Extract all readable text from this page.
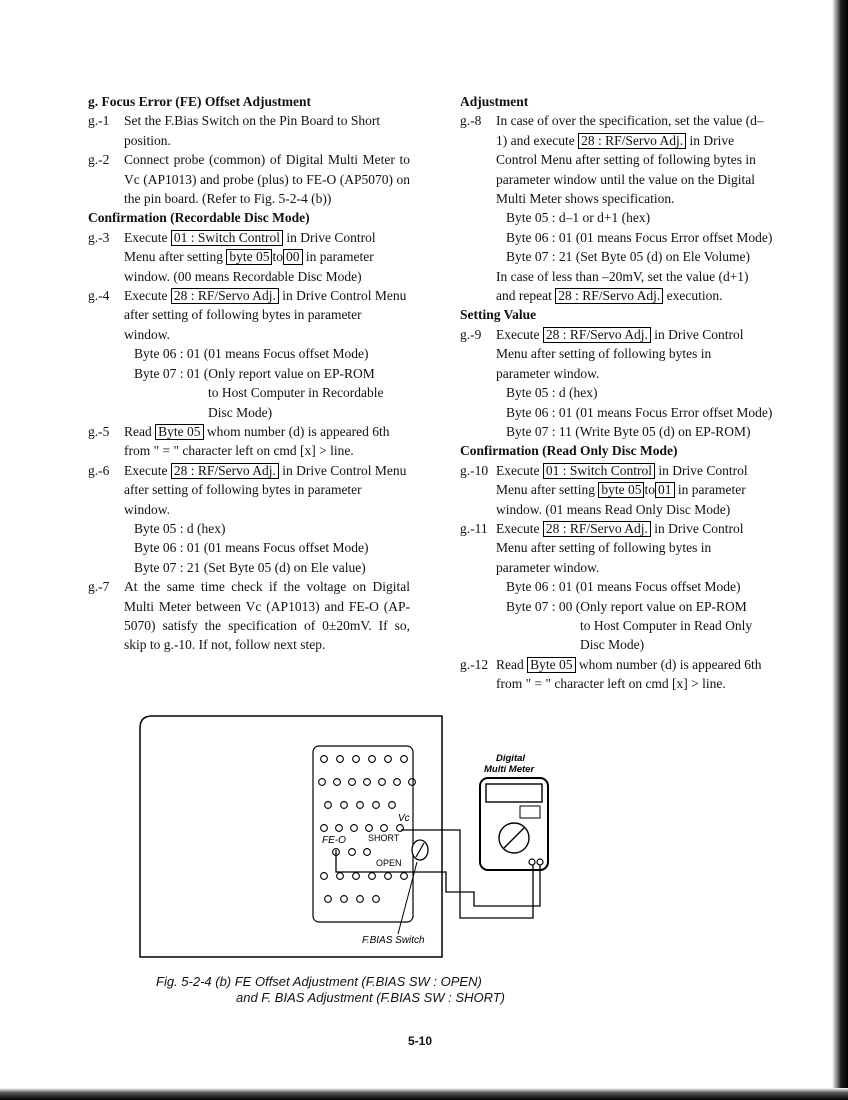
g. Focus Error (FE) Offset Adjustment
g.-1	Set the F.Bias Switch on the Pin Board to Short position.
g.-2	Connect probe (common) of Digital Multi Meter to Vc (AP1013) and probe (plus) to FE-O (AP5070) on the pin board. (Refer to Fig. 5-2-4 (b))
Confirmation (Recordable Disc Mode)
g.-3	Execute 01 : Switch Control in Drive Control Menu after setting byte 05 to 00 in parameter window. (00 means Recordable Disc Mode)
g.-4	Execute 28 : RF/Servo Adj. in Drive Control Menu after setting of following bytes in parameter window.
Byte 06 : 01 (01 means Focus offset Mode)
Byte 07 : 01 (Only report value on EP-ROM
to Host Computer in Recordable
Disc Mode)
g.-5	Read Byte 05 whom number (d) is appeared 6th from " = " character left on cmd [x] > line.
g.-6	Execute 28 : RF/Servo Adj. in Drive Control Menu after setting of following bytes in parameter window.
Byte 05 : d (hex)
Byte 06 : 01 (01 means Focus offset Mode)
Byte 07 : 21 (Set Byte 05 (d) on Ele value)
g.-7	At the same time check if the voltage on Digital Multi Meter between Vc (AP1013) and FE-O (AP-5070) satisfy the specification of 0±20mV. If so, skip to g.-10. If not, follow next step.
Adjustment
g.-8	In case of over the specification, set the value (d–1) and execute 28 : RF/Servo Adj. in Drive Control Menu after setting of following bytes in parameter window until the value on the Digital Multi Meter shows specification.
Byte 05 : d–1 or d+1 (hex)
Byte 06 : 01 (01 means Focus Error offset Mode)
Byte 07 : 21 (Set Byte 05 (d) on Ele Volume)
In case of less than –20mV, set the value (d+1) and repeat 28 : RF/Servo Adj. execution.
Setting Value
g.-9	Execute 28 : RF/Servo Adj. in Drive Control Menu after setting of following bytes in parameter window.
Byte 05 : d (hex)
Byte 06 : 01 (01 means Focus Error offset Mode)
Byte 07 : 11 (Write Byte 05 (d) on EP-ROM)
Confirmation (Read Only Disc Mode)
g.-10 Execute 01 : Switch Control in Drive Control Menu after setting byte 05 to 01 in parameter window. (01 means Read Only Disc Mode)
g.-11 Execute 28 : RF/Servo Adj. in Drive Control Menu after setting of following bytes in parameter window.
Byte 06 : 01 (01 means Focus offset Mode)
Byte 07 : 00 (Only report value on EP-ROM
to Host Computer in Read Only
Disc Mode)
g.-12 Read Byte 05 whom number (d) is appeared 6th from " = " character left on cmd [x] > line.
Vc
FE-O SHORT
OPEN
F.BIAS Switch
Digital
Multi Meter
Fig. 5-2-4 (b) FE Offset Adjustment (F.BIAS SW : OPEN)
and F. BIAS Adjustment (F.BIAS SW : SHORT)
5-10
